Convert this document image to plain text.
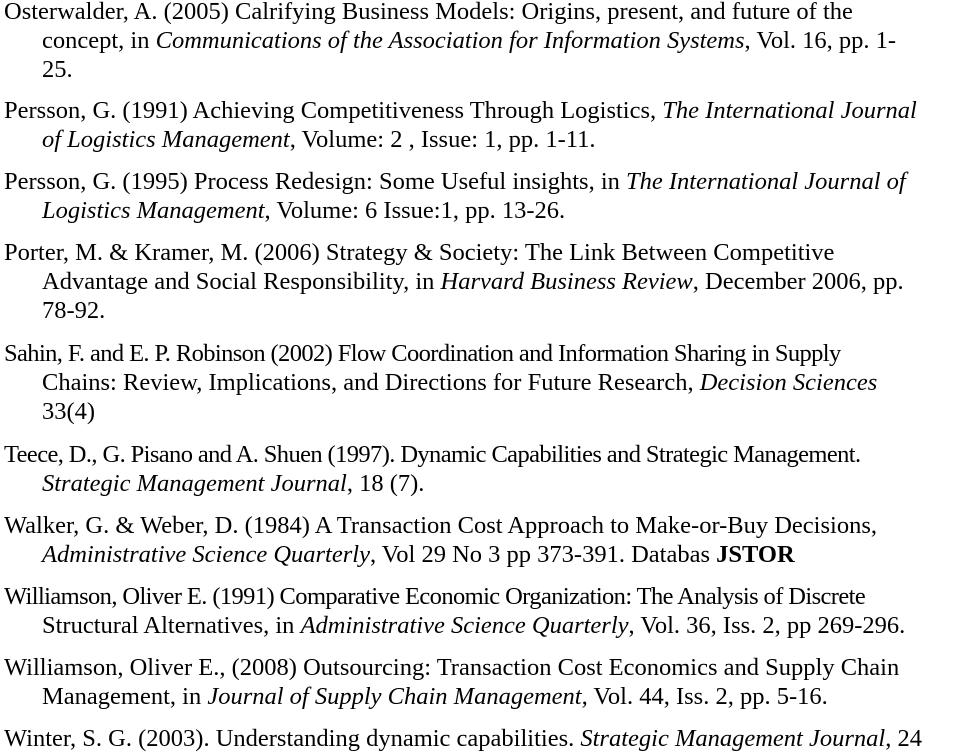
Osterwalder, A. (2005) Calrifying Business Models: Origins, present, and future of the
concept, in Communications of the Association for Information Systems, Vol. 16, pp. 1-
25.
Persson, G. (1991) Achieving Competitiveness Through Logistics, The International Journal
of Logistics Management, Volume: 2 , Issue: 1, pp. 1-11.
Persson, G. (1995) Process Redesign: Some Useful insights, in The International Journal of
Logistics Management, Volume: 6 Issue:1, pp. 13-26.
Porter, M. & Kramer, M. (2006) Strategy & Society: The Link Between Competitive
Advantage and Social Responsibility, in Harvard Business Review, December 2006, pp.
78-92.
Sahin, F. and E. P. Robinson (2002) Flow Coordination and Information Sharing in Supply
Chains: Review, Implications, and Directions for Future Research, Decision Sciences
33(4)
Teece, D., G. Pisano and A. Shuen (1997). Dynamic Capabilities and Strategic Management.
Strategic Management Journal, 18 (7).
Walker, G. & Weber, D. (1984) A Transaction Cost Approach to Make-or-Buy Decisions,
Administrative Science Quarterly, Vol 29 No 3 pp 373-391. Databas JSTOR
Williamson, Oliver E. (1991) Comparative Economic Organization: The Analysis of Discrete
Structural Alternatives, in Administrative Science Quarterly, Vol. 36, Iss. 2, pp 269-296.
Williamson, Oliver E., (2008) Outsourcing: Transaction Cost Economics and Supply Chain
Management, in Journal of Supply Chain Management, Vol. 44, Iss. 2, pp. 5-16.
Winter, S. G. (2003). Understanding dynamic capabilities. Strategic Management Journal, 24
